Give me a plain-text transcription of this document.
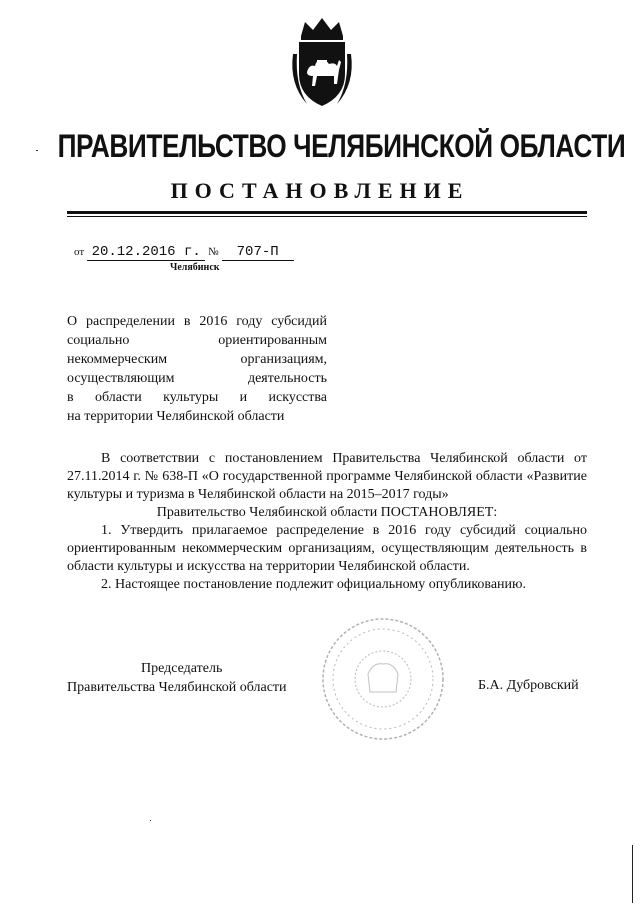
ПРАВИТЕЛЬСТВО ЧЕЛЯБИНСКОЙ ОБЛАСТИ
ПОСТАНОВЛЕНИЕ
от 20.12.2016 г. № 707-П
Челябинск
О распределении в 2016 году субсидий
социально ориентированным
некоммерческим организациям,
осуществляющим деятельность
в области культуры и искусства
на территории Челябинской области

В соответствии с постановлением Правительства Челябинской области от 27.11.2014 г. № 638-П «О государственной программе Челябинской области «Развитие культуры и туризма в Челябинской области на 2015–2017 годы»

Правительство Челябинской области ПОСТАНОВЛЯЕТ:

1. Утвердить прилагаемое распределение в 2016 году субсидий социально ориентированным некоммерческим организациям, осуществляющим деятельность в области культуры и искусства на территории Челябинской области.

2. Настоящее постановление подлежит официальному опубликованию.

Председатель
Правительства Челябинской области	Б.А. Дубровский
